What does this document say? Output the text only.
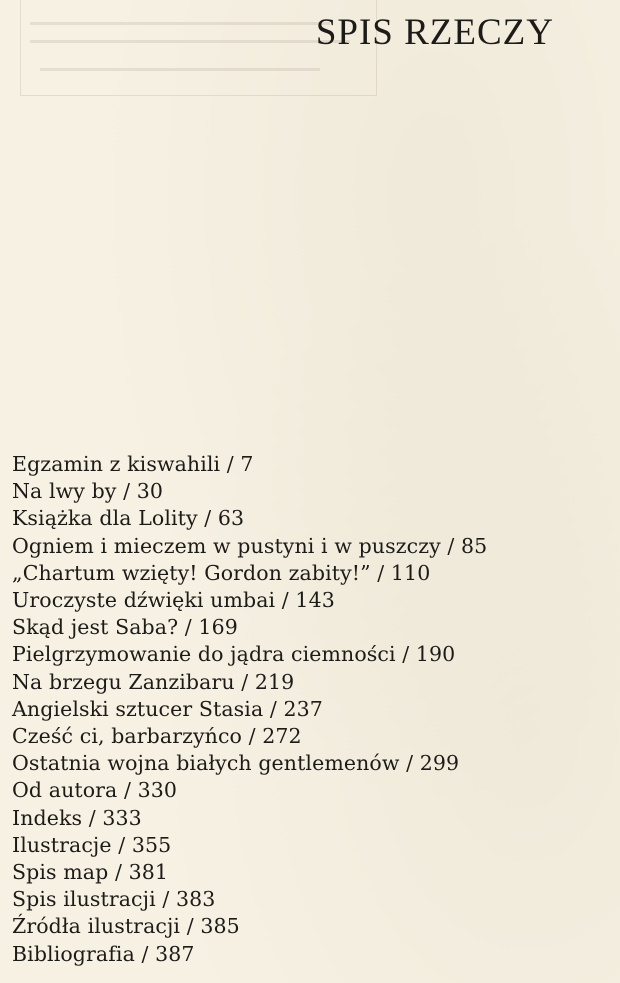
SPIS RZECZY
Egzamin z kiswahili / 7
Na lwy by / 30
Książka dla Lolity / 63
Ogniem i mieczem w pustyni i w puszczy / 85
„Chartum wzięty! Gordon zabity!” / 110
Uroczyste dźwięki umbai / 143
Skąd jest Saba? / 169
Pielgrzymowanie do jądra ciemności / 190
Na brzegu Zanzibaru / 219
Angielski sztucer Stasia / 237
Cześć ci, barbarzyńco / 272
Ostatnia wojna białych gentlemenów / 299
Od autora / 330
Indeks / 333
Ilustracje / 355
Spis map / 381
Spis ilustracji / 383
Źródła ilustracji / 385
Bibliografia / 387
